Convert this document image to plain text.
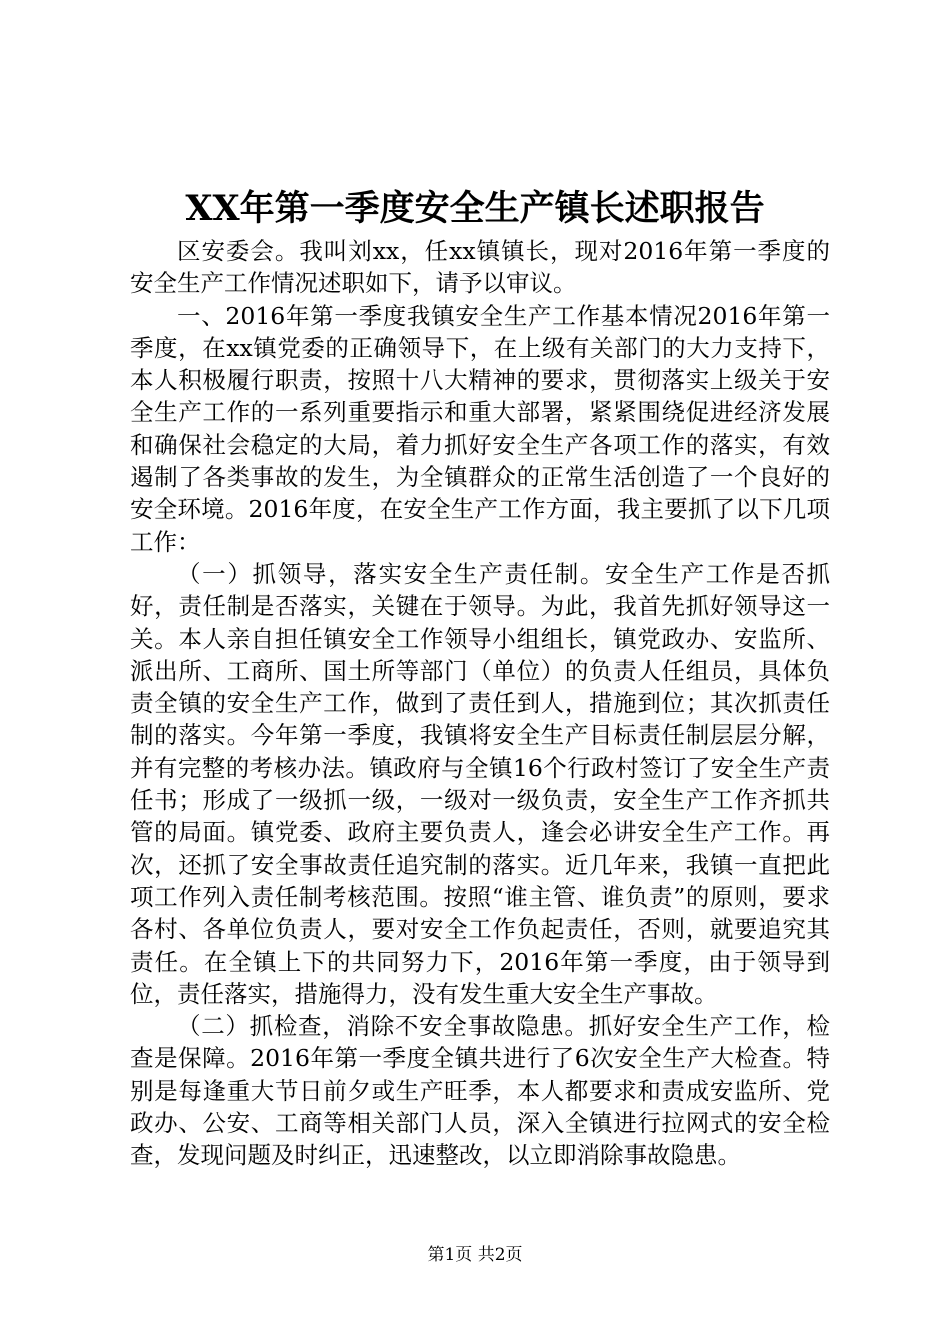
XX年第一季度安全生产镇长述职报告

区安委会。我叫刘xx，任xx镇镇长，现对2016年第一季度的安全生产工作情况述职如下，请予以审议。

一、2016年第一季度我镇安全生产工作基本情况2016年第一季度，在xx镇党委的正确领导下，在上级有关部门的大力支持下，本人积极履行职责，按照十八大精神的要求，贯彻落实上级关于安全生产工作的一系列重要指示和重大部署，紧紧围绕促进经济发展和确保社会稳定的大局，着力抓好安全生产各项工作的落实，有效遏制了各类事故的发生，为全镇群众的正常生活创造了一个良好的安全环境。2016年度，在安全生产工作方面，我主要抓了以下几项工作：

（一）抓领导，落实安全生产责任制。安全生产工作是否抓好，责任制是否落实，关键在于领导。为此，我首先抓好领导这一关。本人亲自担任镇安全工作领导小组组长，镇党政办、安监所、派出所、工商所、国土所等部门（单位）的负责人任组员，具体负责全镇的安全生产工作，做到了责任到人，措施到位；其次抓责任制的落实。今年第一季度，我镇将安全生产目标责任制层层分解，并有完整的考核办法。镇政府与全镇16个行政村签订了安全生产责任书；形成了一级抓一级，一级对一级负责，安全生产工作齐抓共管的局面。镇党委、政府主要负责人，逢会必讲安全生产工作。再次，还抓了安全事故责任追究制的落实。近几年来，我镇一直把此项工作列入责任制考核范围。按照“谁主管、谁负责”的原则，要求各村、各单位负责人，要对安全工作负起责任，否则，就要追究其责任。在全镇上下的共同努力下，2016年第一季度，由于领导到位，责任落实，措施得力，没有发生重大安全生产事故。

（二）抓检查，消除不安全事故隐患。抓好安全生产工作，检查是保障。2016年第一季度全镇共进行了6次安全生产大检查。特别是每逢重大节日前夕或生产旺季，本人都要求和责成安监所、党政办、公安、工商等相关部门人员，深入全镇进行拉网式的安全检查，发现问题及时纠正，迅速整改，以立即消除事故隐患。

第1页 共2页
